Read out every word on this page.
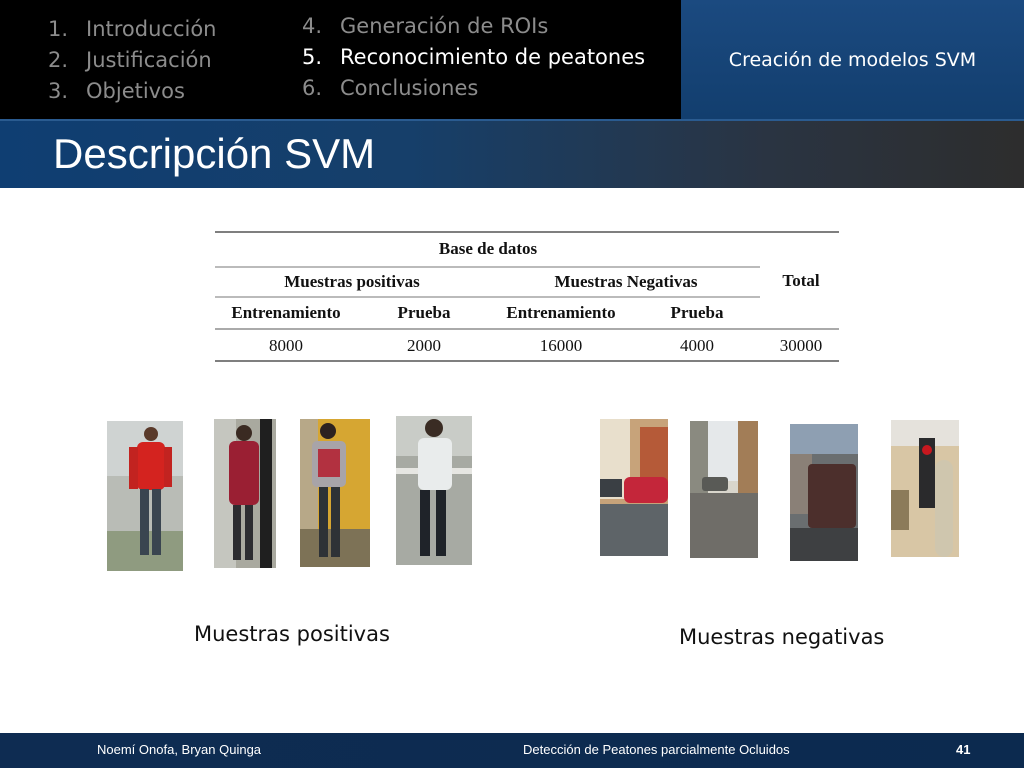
1. Introducción
2. Justificación
3. Objetivos
4. Generación de ROIs
5. Reconocimiento de peatones
6. Conclusiones
Creación de modelos SVM
Descripción SVM
Base de datos
Muestras positivas	Muestras Negativas	Total
Entrenamiento	Prueba	Entrenamiento	Prueba
8000	2000	16000	4000	30000
Muestras positivas	Muestras negativas
Noemí Onofa, Bryan Quinga	Detección de Peatones parcialmente Ocluidos	41
